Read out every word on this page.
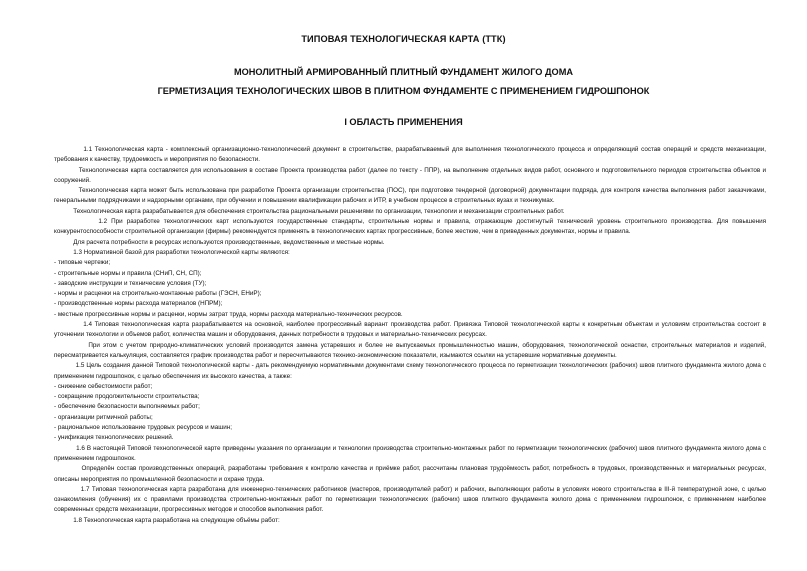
ТИПОВАЯ ТЕХНОЛОГИЧЕСКАЯ КАРТА (ТТК)
МОНОЛИТНЫЙ АРМИРОВАННЫЙ ПЛИТНЫЙ ФУНДАМЕНТ ЖИЛОГО ДОМА
ГЕРМЕТИЗАЦИЯ ТЕХНОЛОГИЧЕСКИХ ШВОВ В ПЛИТНОМ ФУНДАМЕНТЕ С ПРИМЕНЕНИЕМ ГИДРОШПОНОК
I ОБЛАСТЬ ПРИМЕНЕНИЯ

1.1 Технологическая карта - комплексный организационно-технологический документ в строительстве, разрабатываемый для выполнения технологического процесса и определяющий состав операций и средств механизации, требования к качеству, трудоемкость и мероприятия по безопасности.

Технологическая карта составляется для использования в составе Проекта производства работ (далее по тексту - ППР), на выполнение отдельных видов работ, основного и подготовительного периодов строительства объектов и сооружений.

Технологическая карта может быть использована при разработке Проекта организации строительства (ПОС), при подготовке тендерной (договорной) документации подряда, для контроля качества выполнения работ заказчиками, генеральными подрядчиками и надзорными органами, при обучении и повышении квалификации рабочих и ИТР, в учебном процессе в строительных вузах и техникумах.

Технологическая карта разрабатывается для обеспечения строительства рациональными решениями по организации, технологии и механизации строительных работ.

1.2 При разработке технологических карт используются государственные стандарты, строительные нормы и правила, отражающие достигнутый технический уровень строительного производства. Для повышения конкурентоспособности строительной организации (фирмы) рекомендуется применять в технологических картах прогрессивные, более жесткие, чем в приведенных документах, нормы и правила.

Для расчета потребности в ресурсах используются производственные, ведомственные и местные нормы.

1.3 Нормативной базой для разработки технологической карты являются:

- типовые чертежи;

- строительные нормы и правила (СНиП, СН, СП);

- заводские инструкции и технические условия (ТУ);

- нормы и расценки на строительно-монтажные работы (ГЭСН, ЕНиР);

- производственные нормы расхода материалов (НПРМ);

- местные прогрессивные нормы и расценки, нормы затрат труда, нормы расхода материально-технических ресурсов.

1.4 Типовая технологическая карта разрабатывается на основной, наиболее прогрессивный вариант производства работ. Привязка Типовой технологической карты к конкретным объектам и условиям строительства состоит в уточнении технологии и объемов работ, количества машин и оборудования, данных потребности в трудовых и материально-технических ресурсах.

При этом с учетом природно-климатических условий производится замена устаревших и более не выпускаемых промышленностью машин, оборудования, технологической оснастки, строительных материалов и изделий, пересматривается калькуляция, составляется график производства работ и пересчитываются технико-экономические показатели, изымаются ссылки на устаревшие нормативные документы.

1.5 Цель создания данной Типовой технологической карты - дать рекомендуемую нормативными документами схему технологического процесса по герметизации технологических (рабочих) швов плитного фундамента жилого дома с применением гидрошпонок, с целью обеспечения их высокого качества, а также:

- снижение себестоимости работ;

- сокращение продолжительности строительства;

- обеспечение безопасности выполняемых работ;

- организации ритмичной работы;

- рациональное использование трудовых ресурсов и машин;

- унификация технологических решений.

1.6 В настоящей Типовой технологической карте приведены указания по организации и технологии производства строительно-монтажных работ по герметизации технологических (рабочих) швов плитного фундамента жилого дома с применением гидрошпонок.

Определён состав производственных операций, разработаны требования к контролю качества и приёмке работ, рассчитаны плановая трудоёмкость работ, потребность в трудовых, производственных и материальных ресурсах, описаны мероприятия по промышленной безопасности и охране труда.

1.7 Типовая технологическая карта разработана для инженерно-технических работников (мастеров, производителей работ) и рабочих, выполняющих работы в условиях нового строительства в III-й температурной зоне, с целью ознакомления (обучения) их с правилами производства строительно-монтажных работ по герметизации технологических (рабочих) швов плитного фундамента жилого дома с применением гидрошпонок, с применением наиболее современных средств механизации, прогрессивных методов и способов выполнения работ.

1.8 Технологическая карта разработана на следующие объёмы работ:
